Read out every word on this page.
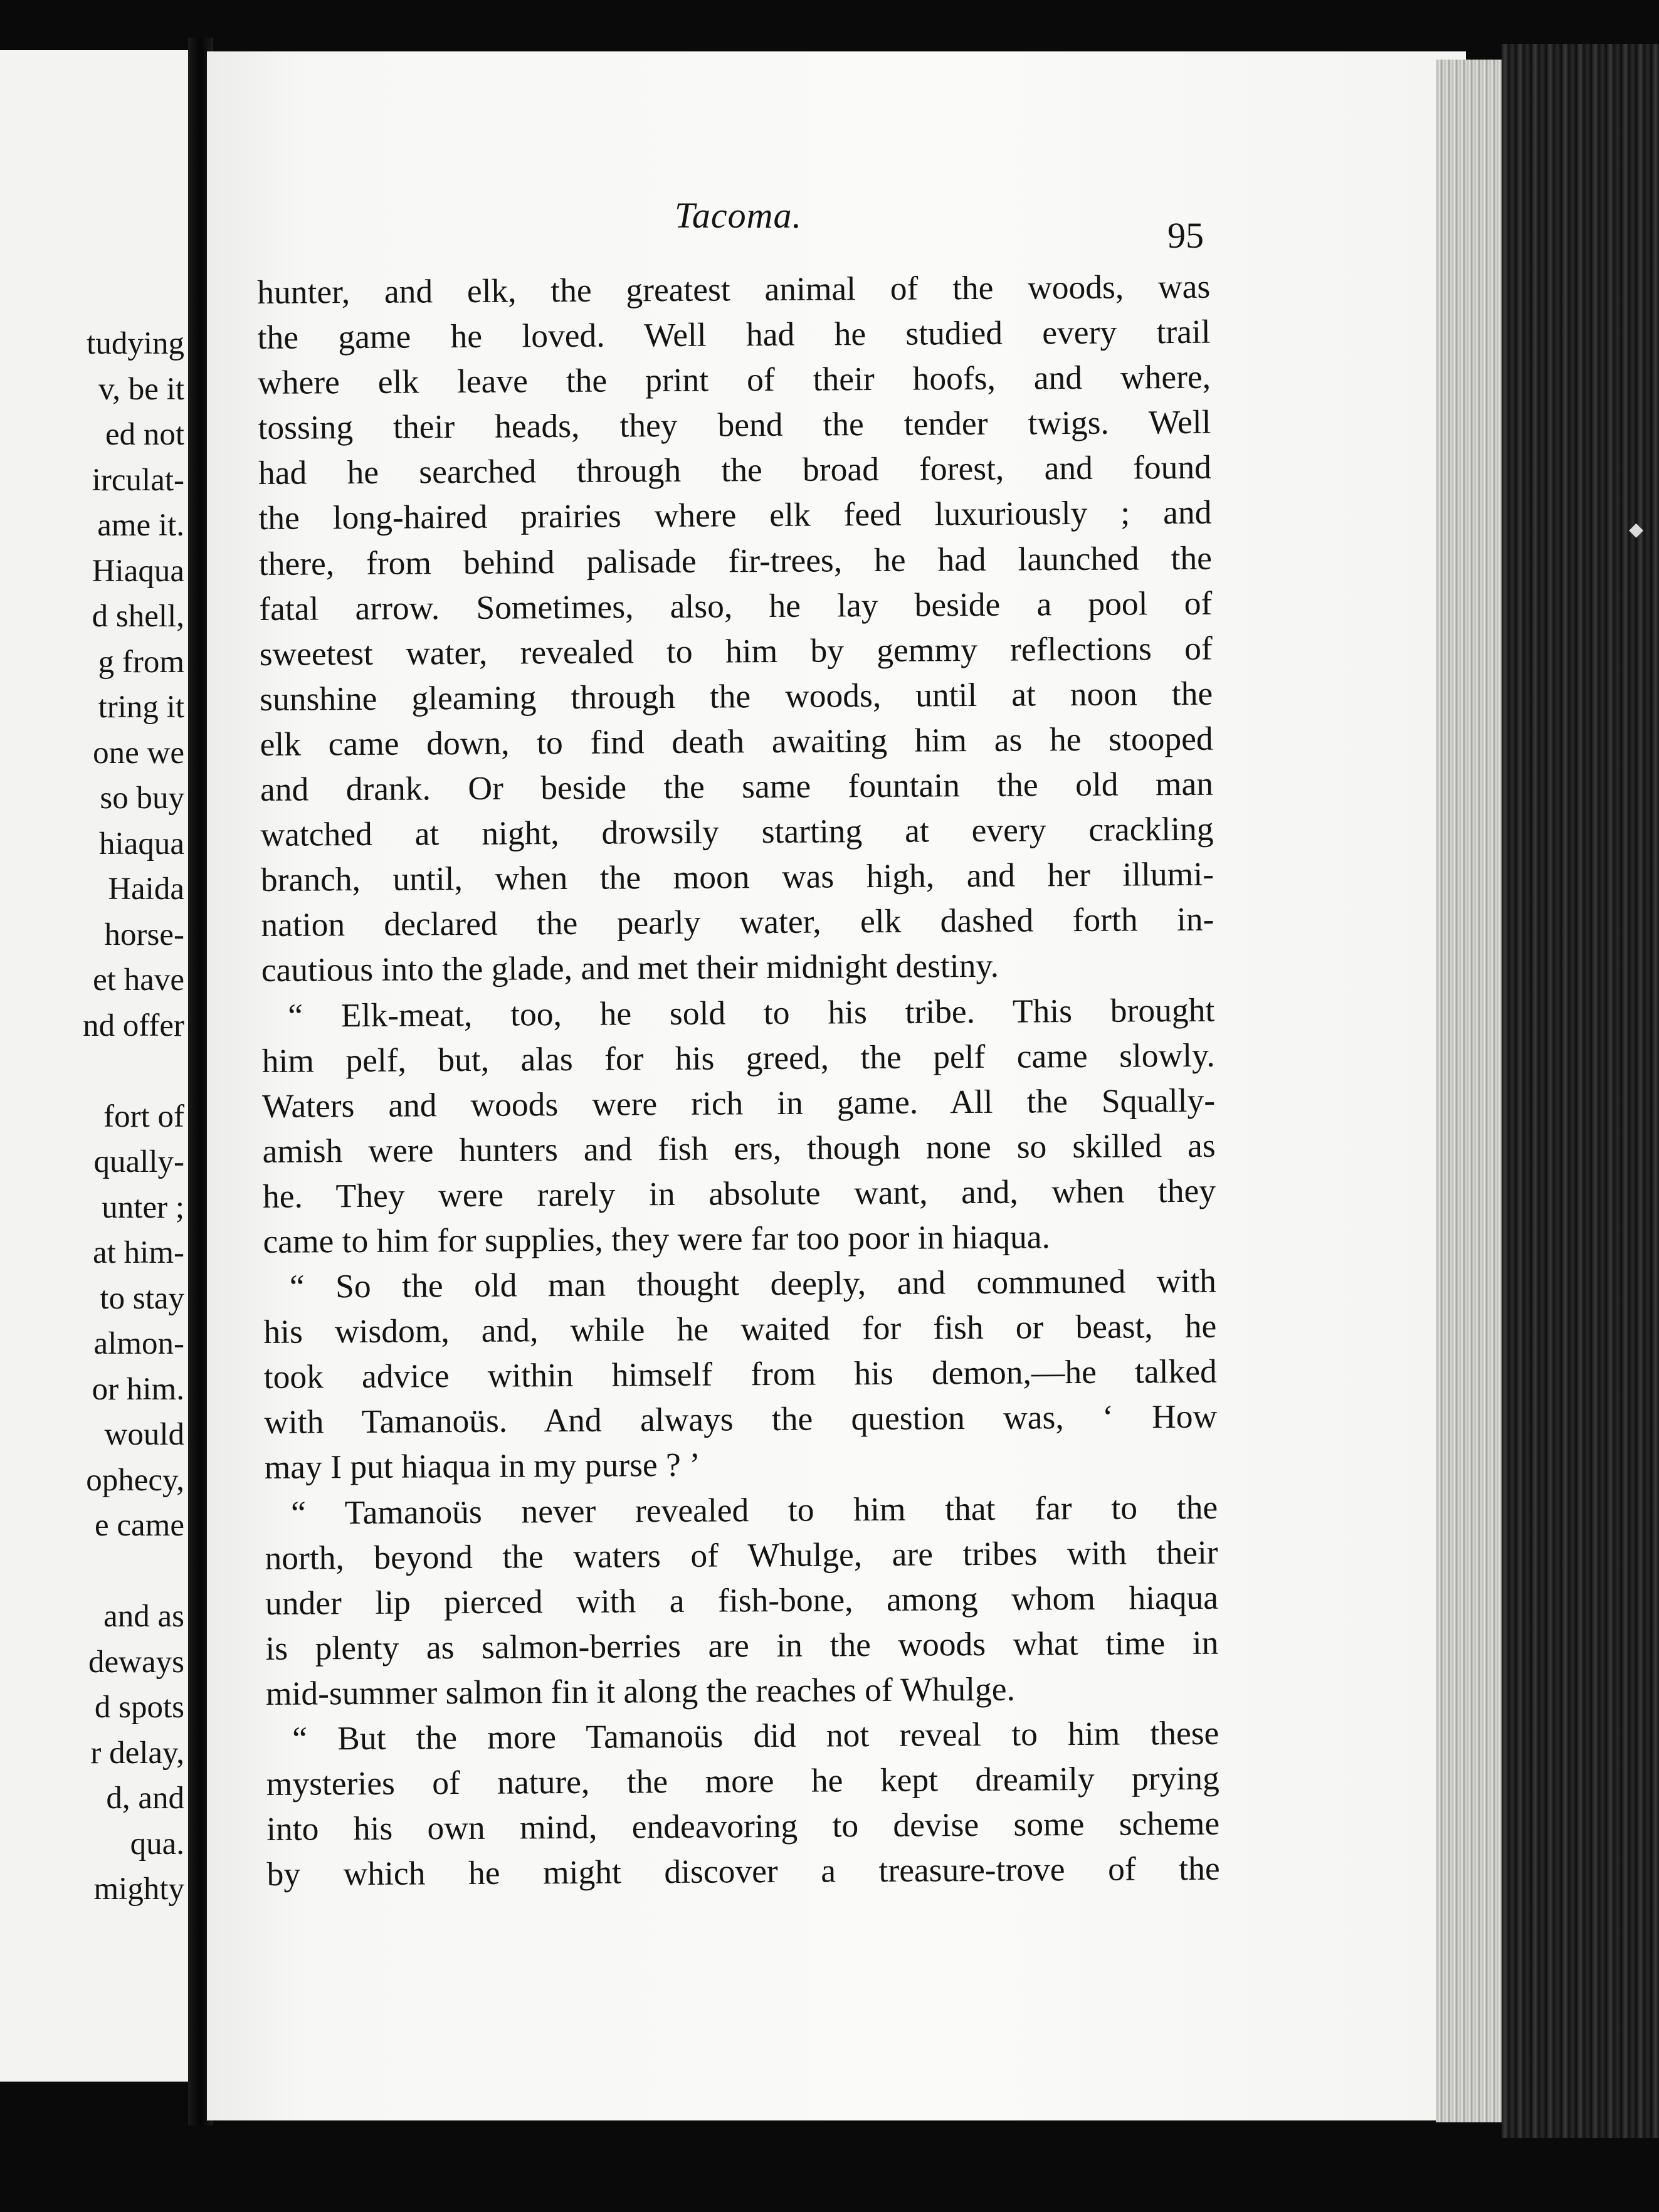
tudying
v, be it
ed not
irculat-
ame it.
Hiaqua
d shell,
g from
tring it
one we
so buy
hiaqua
Haida
horse-
et have
nd offer
fort of
qually-
unter ;
at him-
to stay
almon-
or him.
would
ophecy,
e came
and as
deways
d spots
r delay,
d, and
qua.
mighty
◆
Tacoma.	95
hunter, and elk, the greatest animal of the woods, was
the game he loved. Well had he studied every trail
where elk leave the print of their hoofs, and where,
tossing their heads, they bend the tender twigs. Well
had he searched through the broad forest, and found
the long-haired prairies where elk feed luxuriously ; and
there, from behind palisade fir-trees, he had launched the
fatal arrow. Sometimes, also, he lay beside a pool of
sweetest water, revealed to him by gemmy reflections of
sunshine gleaming through the woods, until at noon the
elk came down, to find death awaiting him as he stooped
and drank. Or beside the same fountain the old man
watched at night, drowsily starting at every crackling
branch, until, when the moon was high, and her illumi-
nation declared the pearly water, elk dashed forth in-
cautious into the glade, and met their midnight destiny.
“ Elk-meat, too, he sold to his tribe. This brought
him pelf, but, alas for his greed, the pelf came slowly.
Waters and woods were rich in game. All the Squally-
amish were hunters and fish ers, though none so skilled as
he. They were rarely in absolute want, and, when they
came to him for supplies, they were far too poor in hiaqua.
“ So the old man thought deeply, and communed with
his wisdom, and, while he waited for fish or beast, he
took advice within himself from his demon,—he talked
with Tamanoüs. And always the question was, ‘ How
may I put hiaqua in my purse ? ’
“ Tamanoüs never revealed to him that far to the
north, beyond the waters of Whulge, are tribes with their
under lip pierced with a fish-bone, among whom hiaqua
is plenty as salmon-berries are in the woods what time in
mid-summer salmon fin it along the reaches of Whulge.
“ But the more Tamanoüs did not reveal to him these
mysteries of nature, the more he kept dreamily prying
into his own mind, endeavoring to devise some scheme
by which he might discover a treasure-trove of the
